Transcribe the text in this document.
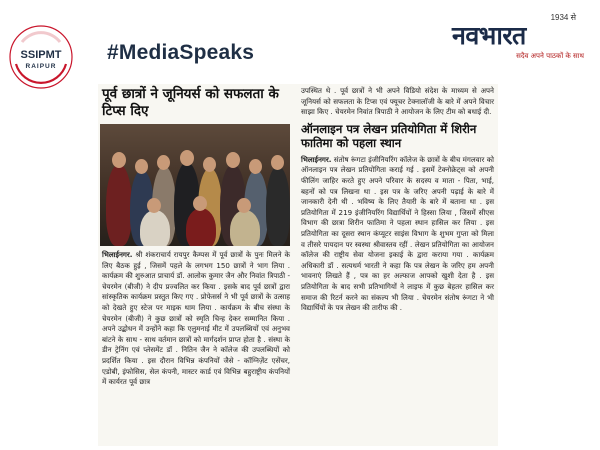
SSIPMT
RAIPUR
#MediaSpeaks
1934 से
नवभारत
सदैव अपने पाठकों के साथ
पूर्व छात्रों ने जूनियर्स को सफलता के टिप्स दिए
भिलाईनगर. श्री शंकराचार्य रायपुर कैम्पस में पूर्व छात्रों के पुनः मिलने के लिए बैठक हुई , जिसमें पहले के लगभग 150 छात्रों ने भाग लिया . कार्यक्रम की शुरुआत प्राचार्य डॉ. आलोक कुमार जैन और निवांत त्रिपाठी - चेयरमेन (बीजी) ने दीप प्रज्वलित कर किया . इसके बाद पूर्व छात्रों द्वारा सांस्कृतिक कार्यक्रम प्रस्तुत किए गए . प्रोफेसर्स ने भी पूर्व छात्रों के उत्साह को देखते हुए स्टेज पर माइक थाम लिया . कार्यक्रम के बीच संस्था के चेयरमेन (बीजी) ने कुछ छात्रों को स्मृति चिन्ह देकर सम्मानित किया . अपने उद्बोधन में उन्होंने कहा कि एलुमनाई मीट में उपलब्धियों एवं अनुभव बांटने के साथ - साथ वर्तमान छात्रों को मार्गदर्शन प्राप्त होता है . संस्था के डीन ट्रेनिंग एवं प्लेसमेंट डॉ . नितिन जैन ने कॉलेज की उपलब्धियों को प्रदर्शित किया . इस दौरान विभिन्न कंपनियों जैसे - कॉग्निज़ेंट एसेंचर, एडोबी, इंफोसिस, सेल कंपनी, मास्टर कार्ड एवं विभिन्न बहुराष्ट्रीय कंपनियों में कार्यरत पूर्व छात्र
उपस्थित थे . पूर्व छात्रों ने भी अपने विडियो संदेश के माध्यम से अपने जूनियर्स को सफलता के टिप्स एवं फ्यूचर टेक्नालॉजी के बारे में अपने विचार साझा किए . चेयरमेन निवांत त्रिपाठी ने आयोजन के लिए टीम को बधाई दी.
ऑनलाइन पत्र लेखन प्रतियोगिता में शिरीन फातिमा को पहला स्थान
भिलाईनगर. संतोष रूंगटा इंजीनियरिंग कॉलेज के छात्रों के बीच मंगलवार को ऑनलाइन पत्र लेखन प्रतियोगिता कराई गई . इसमें टेक्नोक्रेट्स को अपनी फीलिंग जाहिर करते हुए अपने परिवार के सदस्य व माता - पिता, भाई, बहनों को पत्र लिखना था . इस पत्र के जरिए अपनी पढ़ाई के बारे में जानकारी देनी थी . भविष्य के लिए तैयारी के बारे में बताना था . इस प्रतियोगिता में 219 इंजीनियरिंग विद्यार्थियों ने हिस्सा लिया , जिसमें सीएस विभाग की छात्रा शिरीन फातिमा ने पहला स्थान हासिल कर लिया . इस प्रतियोगिता का दूसरा स्थान कंप्यूटर साइंस विभाग के शुभम गुप्ता को मिला व तीसरे पायदान पर स्वस्था श्रीवास्तव रहीं . लेखन प्रतियोगिता का आयोजन कॉलेज की राष्ट्रीय सेवा योजना इकाई के द्वारा कराया गया . कार्यक्रम अधिकारी डॉ . सत्यधर्म भारती ने कहा कि पत्र लेखन के जरिए हम अपनी भावनाएं लिखते हैं , पत्र का हर अल्फाज आपको खुशी देता है . इस प्रतियोगिता के बाद सभी प्रतिभागियों ने लाइफ में कुछ बेहतर हासिल कर समाज की रिटर्न करने का संकल्प भी लिया . चेयरमेन संतोष रूंगटा ने भी विद्यार्थियों के पत्र लेखन की तारीफ की .
